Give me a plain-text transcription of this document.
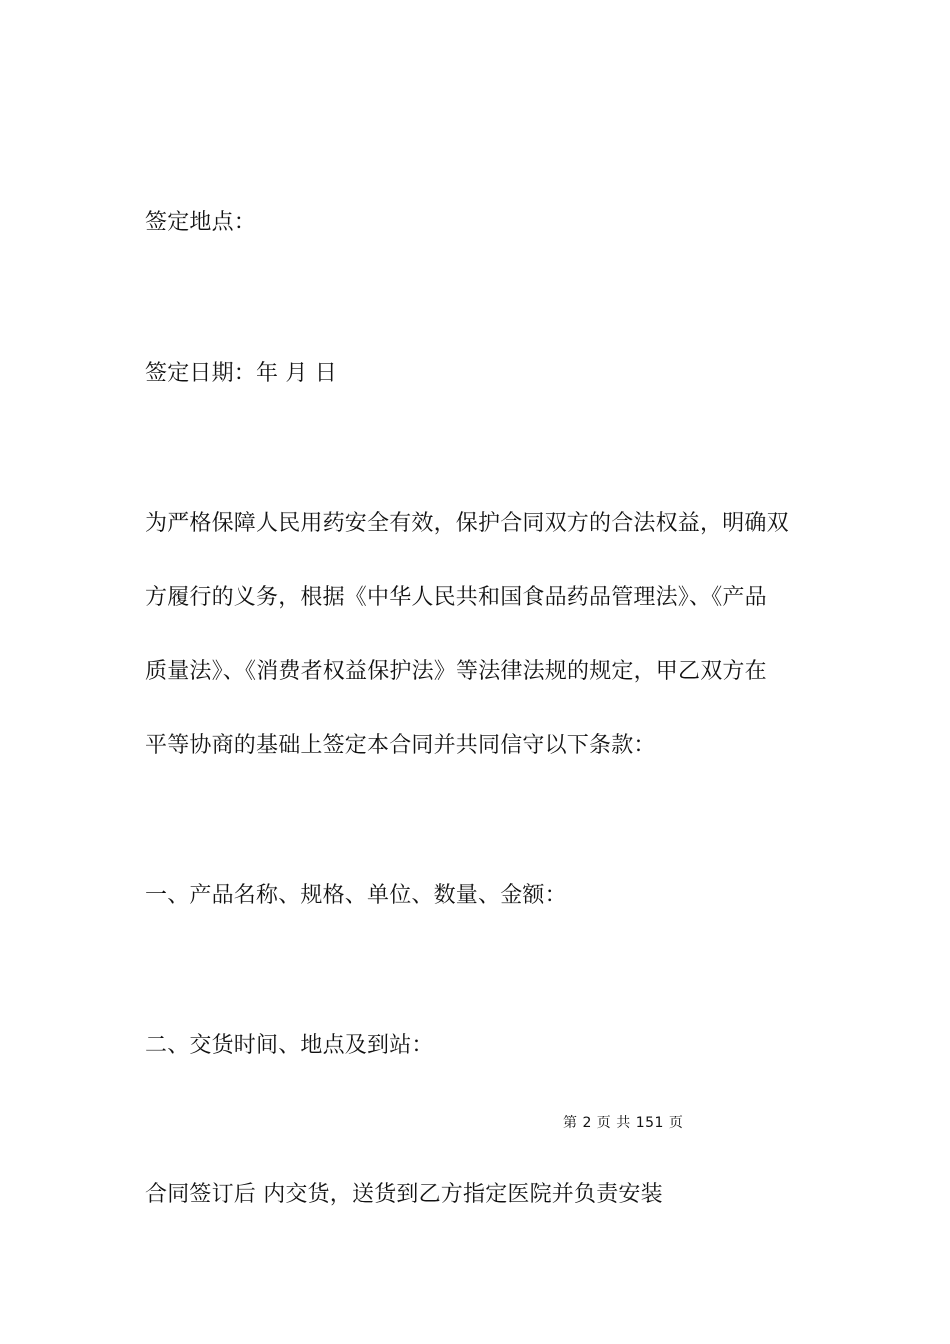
签定地点：
签定日期：年 月 日
为严格保障人民用药安全有效，保护合同双方的合法权益，明确双
方履行的义务，根据《中华人民共和国食品药品管理法》、《产品
质量法》、《消费者权益保护法》等法律法规的规定，甲乙双方在
平等协商的基础上签定本合同并共同信守以下条款：
一、产品名称、规格、单位、数量、金额：
二、交货时间、地点及到站：
第 2 页 共 151 页
合同签订后 内交货，送货到乙方指定医院并负责安装
